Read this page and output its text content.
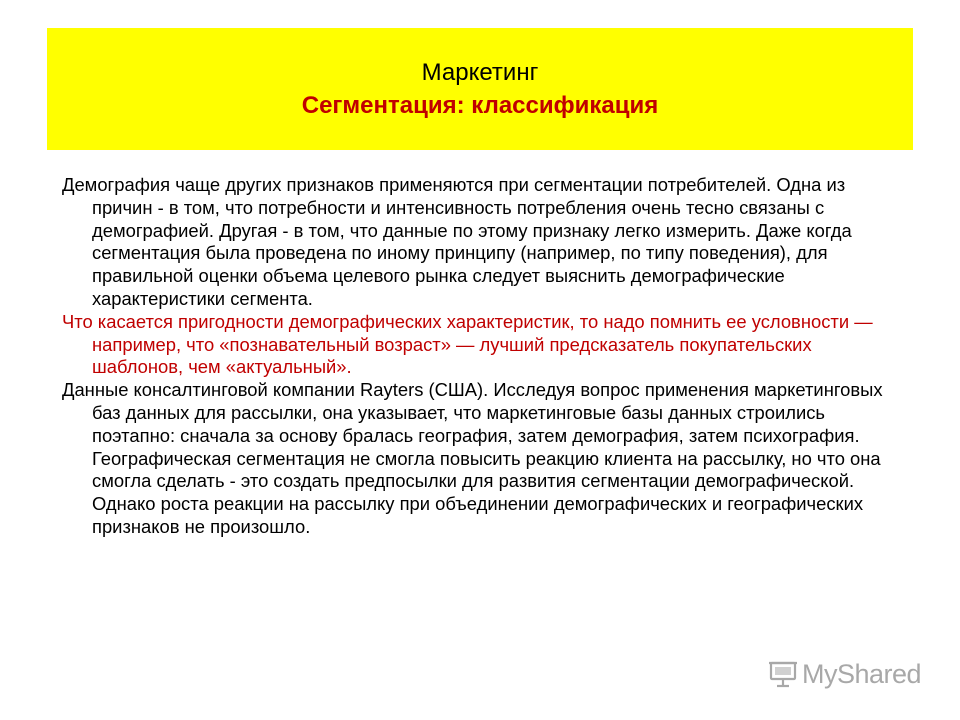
Маркетинг
Сегментация: классификация

Демография чаще других признаков применяются при сегментации потребителей. Одна из причин - в том, что потребности и интенсивность потребления очень тесно связаны с демографией. Другая - в том, что данные по этому признаку легко измерить. Даже когда сегментация была проведена по иному принципу (например, по типу поведения), для правильной оценки объема целевого рынка следует выяснить демографические характеристики сегмента.

Что касается пригодности демографических характеристик, то надо помнить ее условности — например, что «познавательный возраст» — лучший предсказатель покупательских шаблонов, чем «актуальный».

Данные консалтинговой компании Rayters (США). Исследуя вопрос применения маркетинговых баз данных для рассылки, она указывает, что маркетинговые базы данных строились поэтапно: сначала за основу бралась география, затем демография, затем психография. Географическая сегментация не смогла повысить реакцию клиента на рассылку, но что она смогла сделать - это создать предпосылки для развития сегментации демографической. Однако роста реакции на рассылку при объединении демографических и географических признаков не произошло.

MyShared
